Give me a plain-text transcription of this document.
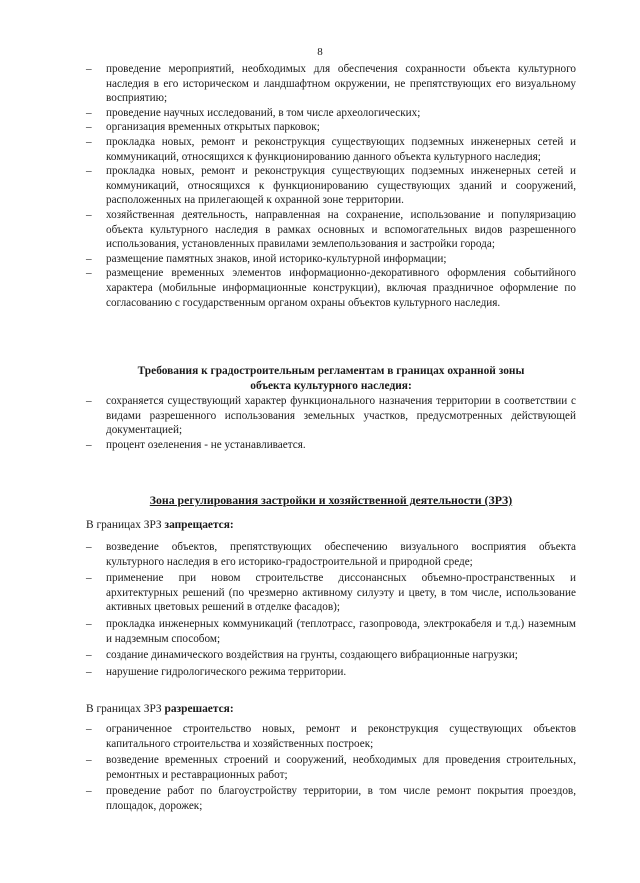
8
– проведение мероприятий, необходимых для обеспечения сохранности объекта культурного наследия в его историческом и ландшафтном окружении, не препятствующих его визуальному восприятию;
– проведение научных исследований, в том числе археологических;
– организация временных открытых парковок;
– прокладка новых, ремонт и реконструкция существующих подземных инженерных сетей и коммуникаций, относящихся к функционированию данного объекта культурного наследия;
– прокладка новых, ремонт и реконструкция существующих подземных инженерных сетей и коммуникаций, относящихся к функционированию существующих зданий и сооружений, расположенных на прилегающей к охранной зоне территории.
– хозяйственная деятельность, направленная на сохранение, использование и популяризацию объекта культурного наследия в рамках основных и вспомогательных видов разрешенного использования, установленных правилами землепользования и застройки города;
– размещение памятных знаков, иной историко-культурной информации;
– размещение временных элементов информационно-декоративного оформления событийного характера (мобильные информационные конструкции), включая праздничное оформление по согласованию с государственным органом охраны объектов культурного наследия.
Требования к градостроительным регламентам в границах охранной зоны
объекта культурного наследия:
– сохраняется существующий характер функционального назначения территории в соответствии с видами разрешенного использования земельных участков, предусмотренных действующей документацией;
– процент озеленения - не устанавливается.
Зона регулирования застройки и хозяйственной деятельности (ЗРЗ)
В границах ЗРЗ запрещается:
– возведение объектов, препятствующих обеспечению визуального восприятия объекта культурного наследия в его историко-градостроительной и природной среде;
– применение при новом строительстве диссонансных объемно-пространственных и архитектурных решений (по чрезмерно активному силуэту и цвету, в том числе, использование активных цветовых решений в отделке фасадов);
– прокладка инженерных коммуникаций (теплотрасс, газопровода, электрокабеля и т.д.) наземным и надземным способом;
– создание динамического воздействия на грунты, создающего вибрационные нагрузки;
– нарушение гидрологического режима территории.
В границах ЗРЗ разрешается:
– ограниченное строительство новых, ремонт и реконструкция существующих объектов капитального строительства и хозяйственных построек;
– возведение временных строений и сооружений, необходимых для проведения строительных, ремонтных и реставрационных работ;
– проведение работ по благоустройству территории, в том числе ремонт покрытия проездов, площадок, дорожек;
